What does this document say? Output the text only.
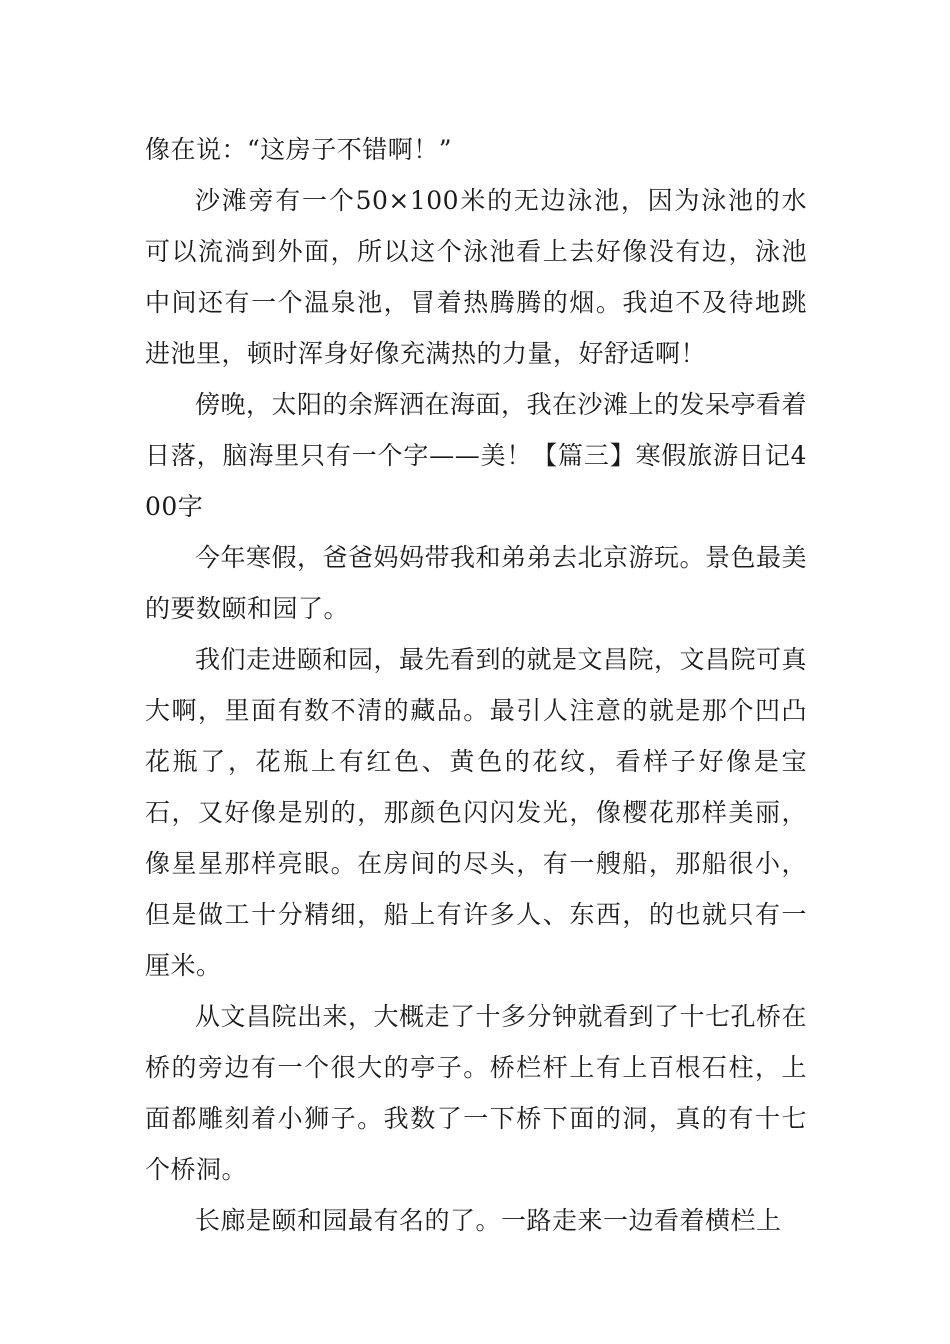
像在说：“这房子不错啊！”

沙滩旁有一个50×100米的无边泳池，因为泳池的水可以流淌到外面，所以这个泳池看上去好像没有边，泳池中间还有一个温泉池，冒着热腾腾的烟。我迫不及待地跳进池里，顿时浑身好像充满热的力量，好舒适啊！

傍晚，太阳的余辉洒在海面，我在沙滩上的发呆亭看着日落，脑海里只有一个字——美！【篇三】寒假旅游日记400字

今年寒假，爸爸妈妈带我和弟弟去北京游玩。景色最美的要数颐和园了。

我们走进颐和园，最先看到的就是文昌院，文昌院可真大啊，里面有数不清的藏品。最引人注意的就是那个凹凸花瓶了，花瓶上有红色、黄色的花纹，看样子好像是宝石，又好像是别的，那颜色闪闪发光，像樱花那样美丽，像星星那样亮眼。在房间的尽头，有一艘船，那船很小，但是做工十分精细，船上有许多人、东西，的也就只有一厘米。

从文昌院出来，大概走了十多分钟就看到了十七孔桥在桥的旁边有一个很大的亭子。桥栏杆上有上百根石柱，上面都雕刻着小狮子。我数了一下桥下面的洞，真的有十七个桥洞。

长廊是颐和园最有名的了。一路走来一边看着横栏上
